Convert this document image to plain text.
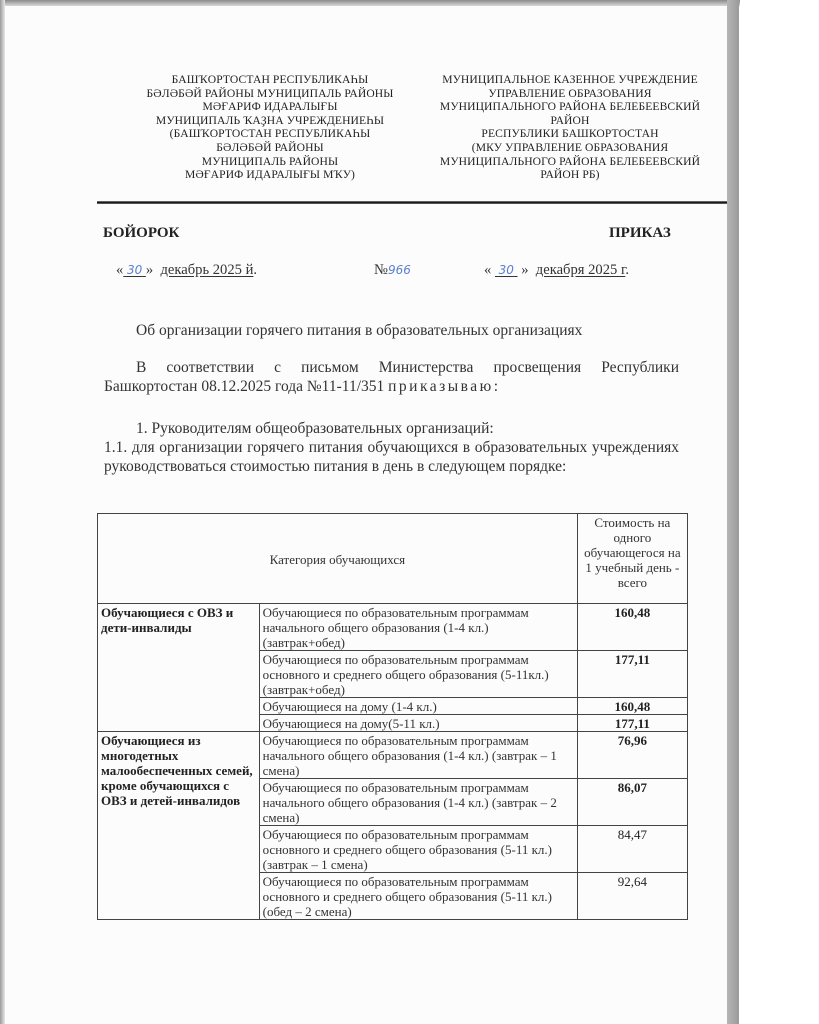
БАШҠОРТОСТАН РЕСПУБЛИКАҺЫ
БӘЛӘБӘЙ РАЙОНЫ МУНИЦИПАЛЬ РАЙОНЫ
МӘҒАРИФ ИДАРАЛЫҒЫ
МУНИЦИПАЛЬ ҠАҘНА УЧРЕЖДЕНИЕҺЫ
(БАШҠОРТОСТАН РЕСПУБЛИКАҺЫ
БӘЛӘБӘЙ РАЙОНЫ
МУНИЦИПАЛЬ РАЙОНЫ
МӘҒАРИФ ИДАРАЛЫҒЫ МҠУ)
МУНИЦИПАЛЬНОЕ КАЗЕННОЕ УЧРЕЖДЕНИЕ
УПРАВЛЕНИЕ ОБРАЗОВАНИЯ
МУНИЦИПАЛЬНОГО РАЙОНА БЕЛЕБЕЕВСКИЙ
РАЙОН
РЕСПУБЛИКИ БАШКОРТОСТАН
(МКУ УПРАВЛЕНИЕ ОБРАЗОВАНИЯ
МУНИЦИПАЛЬНОГО РАЙОНА БЕЛЕБЕЕВСКИЙ
РАЙОН РБ)
БОЙОРОК	ПРИКАЗ
« 30 » декабрь 2025 й.	№966	« 30 » декабря 2025 г.
Об организации горячего питания в образовательных организациях
В соответствии с письмом Министерства просвещения Республики Башкортостан 08.12.2025 года №11-11/351 приказываю:
1. Руководителям общеобразовательных организаций:
1.1. для организации горячего питания обучающихся в образовательных учреждениях руководствоваться стоимостью питания в день в следующем порядке:
Категория обучающихся		Стоимость на одного обучающегося на 1 учебный день - всего
Обучающиеся с ОВЗ и дети-инвалиды	Обучающиеся по образовательным программам начального общего образования (1-4 кл.) (завтрак+обед)	160,48
	Обучающиеся по образовательным программам основного и среднего общего образования (5-11кл.) (завтрак+обед)	177,11
	Обучающиеся на дому (1-4 кл.)	160,48
	Обучающиеся на дому(5-11 кл.)	177,11
Обучающиеся из многодетных малообеспеченных семей, кроме обучающихся с ОВЗ и детей-инвалидов	Обучающиеся по образовательным программам начального общего образования (1-4 кл.) (завтрак – 1 смена)	76,96
	Обучающиеся по образовательным программам начального общего образования (1-4 кл.) (завтрак – 2 смена)	86,07
	Обучающиеся по образовательным программам основного и среднего общего образования (5-11 кл.) (завтрак – 1 смена)	84,47
	Обучающиеся по образовательным программам основного и среднего общего образования (5-11 кл.) (обед – 2 смена)	92,64
